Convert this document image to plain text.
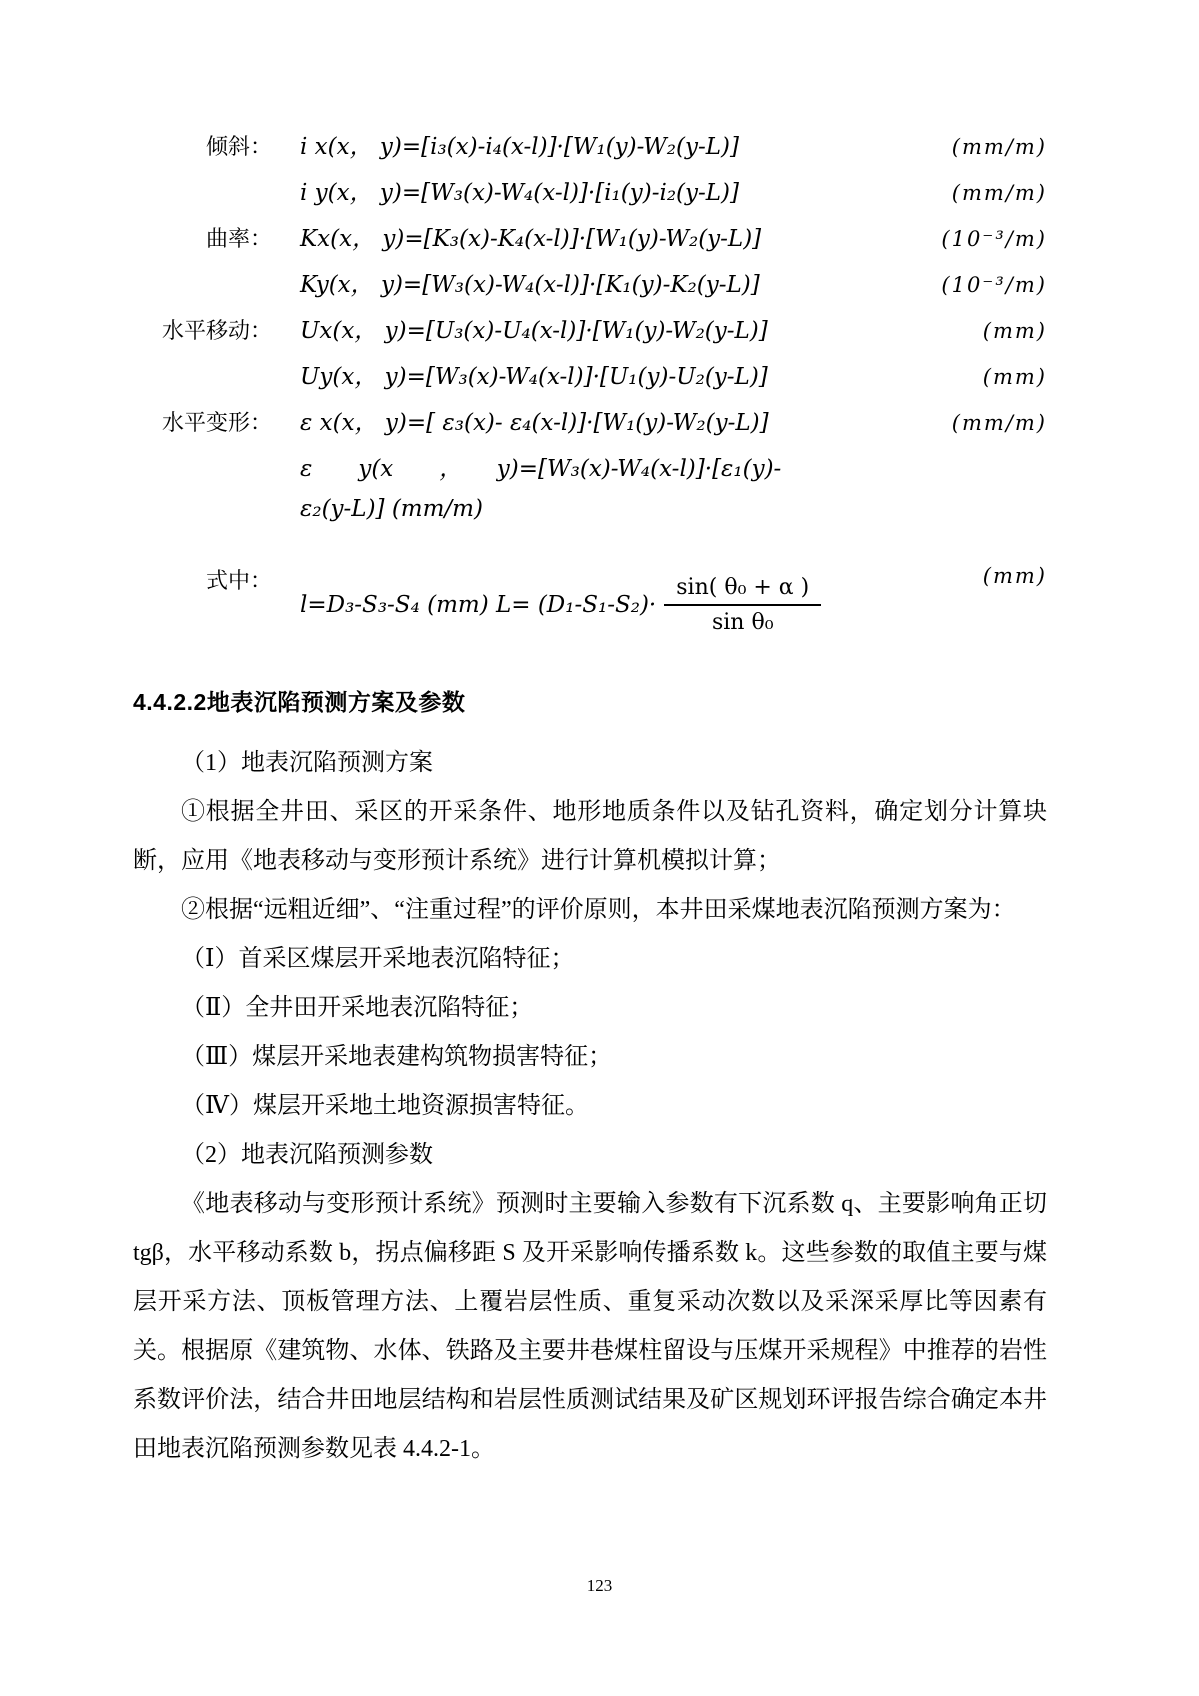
倾斜： i x(x， y)=[i₃(x)-i₄(x-l)]·[W₁(y)-W₂(y-L)]	(mm/m)
i y(x， y)=[W₃(x)-W₄(x-l)]·[i₁(y)-i₂(y-L)]	(mm/m)
曲率： Kx(x， y)=[K₃(x)-K₄(x-l)]·[W₁(y)-W₂(y-L)]	(10⁻³/m)
Ky(x， y)=[W₃(x)-W₄(x-l)]·[K₁(y)-K₂(y-L)]	(10⁻³/m)
水平移动： Ux(x， y)=[U₃(x)-U₄(x-l)]·[W₁(y)-W₂(y-L)]	(mm)
Uy(x， y)=[W₃(x)-W₄(x-l)]·[U₁(y)-U₂(y-L)]	(mm)
水平变形： ε x(x， y)=[ ε₃(x)- ε₄(x-l)]·[W₁(y)-W₂(y-L)]	(mm/m)
ε　　y(x　　，　　y)=[W₃(x)-W₄(x-l)]·[ε₁(y)-
ε₂(y-L)] (mm/m)
式中：
l=D₃-S₃-S₄ (mm) $L= (D_1-S_1-S_2)\cdot \frac{\text{sin( θ₀ + α )}}{\text{sin θ₀}}$	(mm)
4.4.2.2地表沉陷预测方案及参数

（1）地表沉陷预测方案

①根据全井田、采区的开采条件、地形地质条件以及钻孔资料，确定划分计算块断，应用《地表移动与变形预计系统》进行计算机模拟计算；

②根据“远粗近细”、“注重过程”的评价原则，本井田采煤地表沉陷预测方案为：

（Ⅰ）首采区煤层开采地表沉陷特征；

（Ⅱ）全井田开采地表沉陷特征；

（Ⅲ）煤层开采地表建构筑物损害特征；

（Ⅳ）煤层开采地土地资源损害特征。

（2）地表沉陷预测参数

《地表移动与变形预计系统》预测时主要输入参数有下沉系数 q、主要影响角正切 tgβ，水平移动系数 b，拐点偏移距 S 及开采影响传播系数 k。这些参数的取值主要与煤层开采方法、顶板管理方法、上覆岩层性质、重复采动次数以及采深采厚比等因素有关。根据原《建筑物、水体、铁路及主要井巷煤柱留设与压煤开采规程》中推荐的岩性系数评价法，结合井田地层结构和岩层性质测试结果及矿区规划环评报告综合确定本井田地表沉陷预测参数见表 4.4.2-1。

123
